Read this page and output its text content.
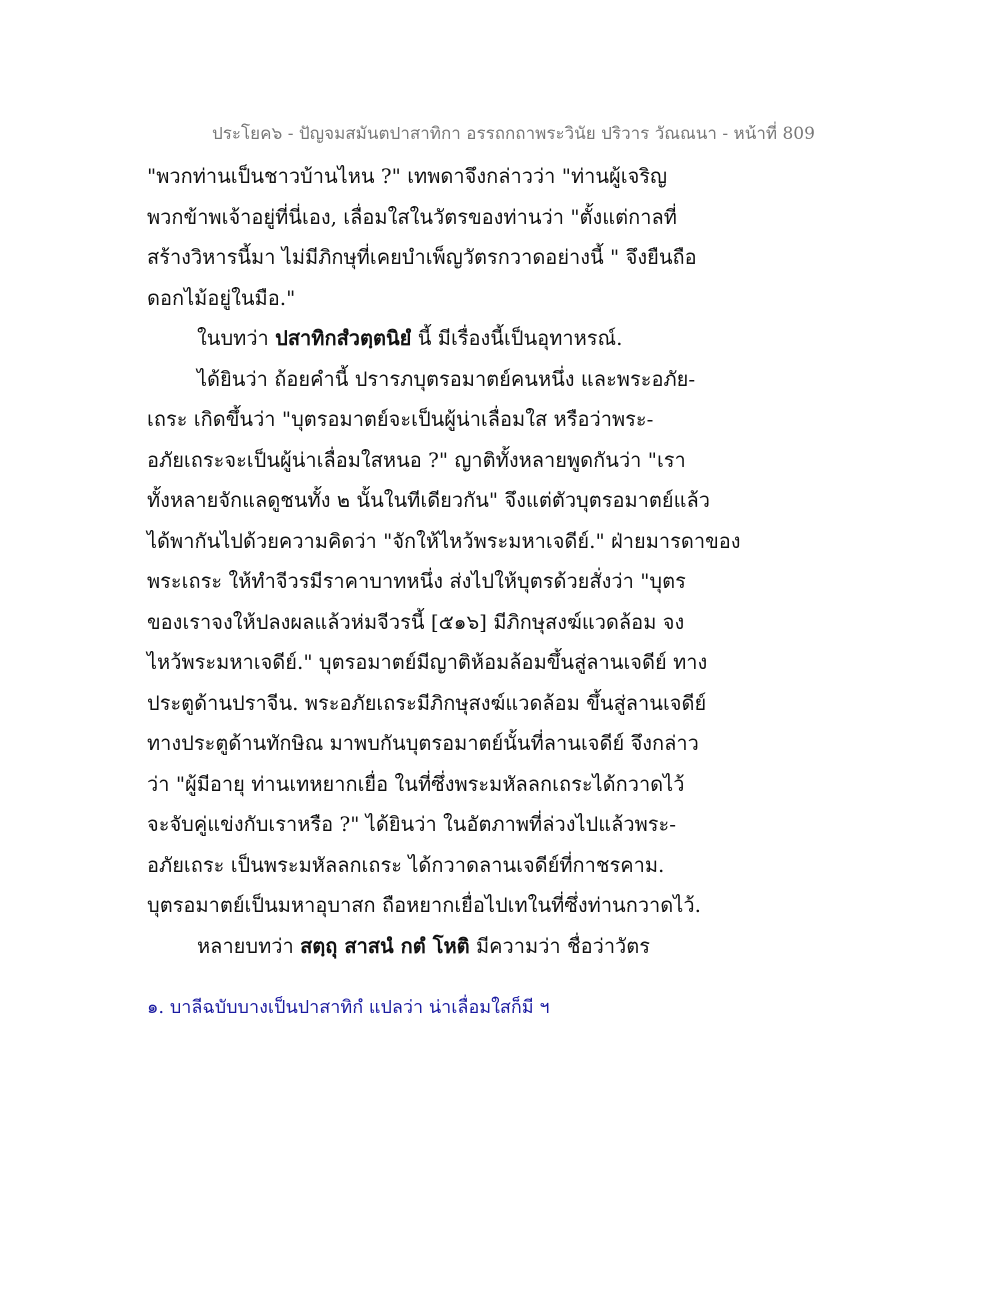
ประโยค๖ - ปัญจมสมันตปาสาทิกา อรรถกถาพระวินัย ปริวาร วัณณนา - หน้าที่ 809
"พวกท่านเป็นชาวบ้านไหน ?" เทพดาจึงกล่าวว่า "ท่านผู้เจริญ
พวกข้าพเจ้าอยู่ที่นี่เอง, เลื่อมใสในวัตรของท่านว่า "ตั้งแต่กาลที่
สร้างวิหารนี้มา ไม่มีภิกษุที่เคยบำเพ็ญวัตรกวาดอย่างนี้ " จึงยืนถือ
ดอกไม้อยู่ในมือ."
ในบทว่า ปสาทิกสํวตฺตนิยํ นี้ มีเรื่องนี้เป็นอุทาหรณ์.
ได้ยินว่า ถ้อยคำนี้ ปรารภบุตรอมาตย์คนหนึ่ง และพระอภัย-
เถระ เกิดขึ้นว่า "บุตรอมาตย์จะเป็นผู้น่าเลื่อมใส หรือว่าพระ-
อภัยเถระจะเป็นผู้น่าเลื่อมใสหนอ ?" ญาติทั้งหลายพูดกันว่า "เรา
ทั้งหลายจักแลดูชนทั้ง ๒ นั้นในทีเดียวกัน" จึงแต่ตัวบุตรอมาตย์แล้ว
ได้พากันไปด้วยความคิดว่า "จักให้ไหว้พระมหาเจดีย์." ฝ่ายมารดาของ
พระเถระ ให้ทำจีวรมีราคาบาทหนึ่ง ส่งไปให้บุตรด้วยสั่งว่า "บุตร
ของเราจงให้ปลงผลแล้วห่มจีวรนี้ [๕๑๖] มีภิกษุสงฆ์แวดล้อม จง
ไหว้พระมหาเจดีย์." บุตรอมาตย์มีญาติห้อมล้อมขึ้นสู่ลานเจดีย์ ทาง
ประตูด้านปราจีน. พระอภัยเถระมีภิกษุสงฆ์แวดล้อม ขึ้นสู่ลานเจดีย์
ทางประตูด้านทักษิณ มาพบกันบุตรอมาตย์นั้นที่ลานเจดีย์ จึงกล่าว
ว่า "ผู้มีอายุ ท่านเทหยากเยื่อ ในที่ซึ่งพระมหัลลกเถระได้กวาดไว้
จะจับคู่แข่งกับเราหรือ ?" ได้ยินว่า ในอัตภาพที่ล่วงไปแล้วพระ-
อภัยเถระ เป็นพระมหัลลกเถระ ได้กวาดลานเจดีย์ที่กาชรคาม.
บุตรอมาตย์เป็นมหาอุบาสก ถือหยากเยื่อไปเทในที่ซึ่งท่านกวาดไว้.
หลายบทว่า สตฺถุ สาสนํ กตํ โหติ มีความว่า ชื่อว่าวัตร
๑. บาลีฉบับบางเป็นปาสาทิกํ แปลว่า น่าเลื่อมใสก็มี ฯ
